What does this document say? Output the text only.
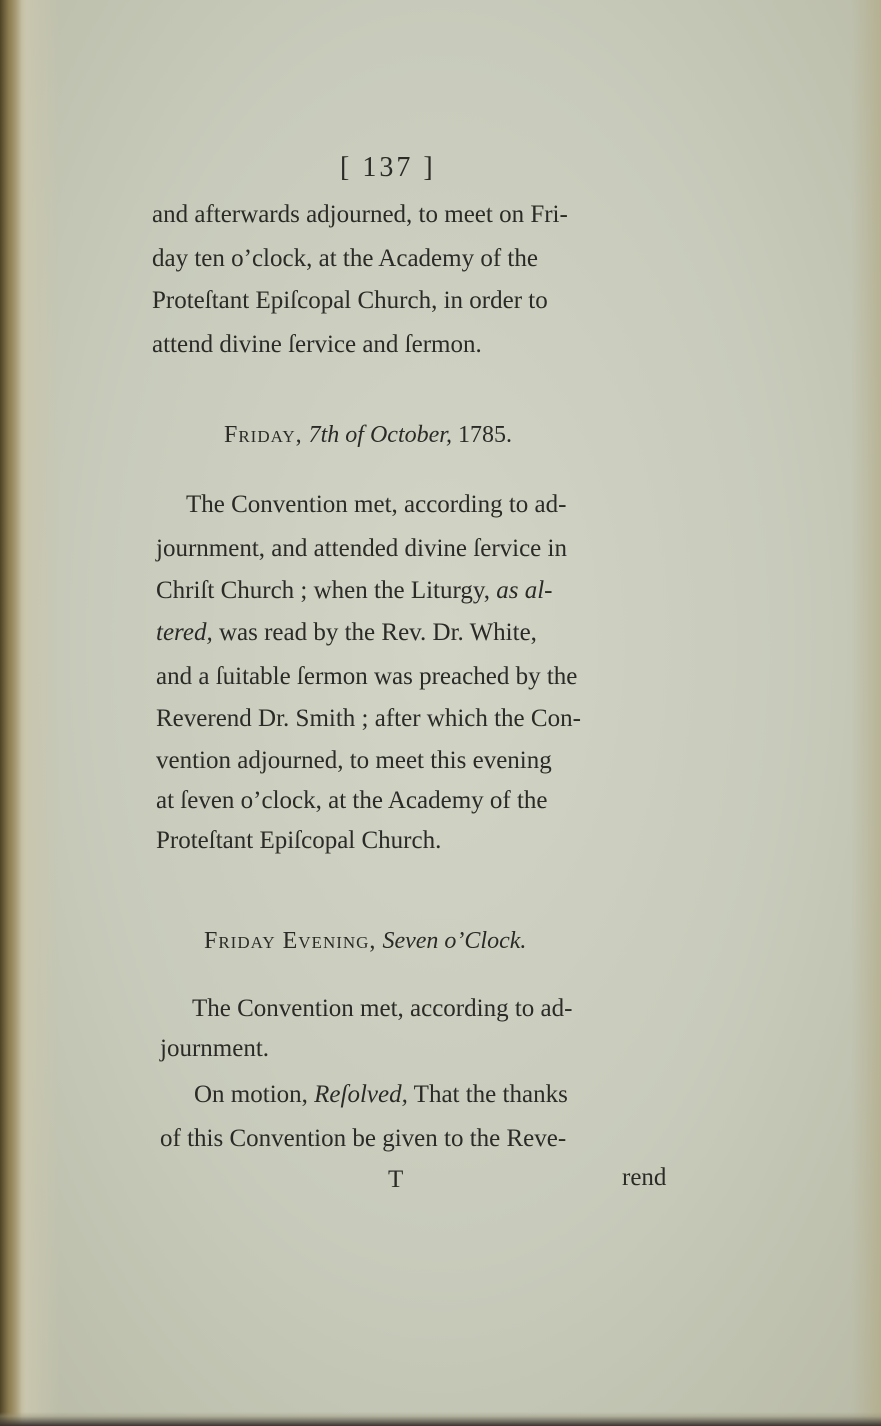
[ 137 ]
and afterwards adjourned, to meet on Fri-
day ten o’clock, at the Academy of the
Proteſtant Epiſcopal Church, in order to
attend divine ſervice and ſermon.
Friday, 7th of October, 1785.
The Convention met, according to ad-
journment, and attended divine ſervice in
Chriſt Church ; when the Liturgy, as al-
tered, was read by the Rev. Dr. White,
and a ſuitable ſermon was preached by the
Reverend Dr. Smith ; after which the Con-
vention adjourned, to meet this evening
at ſeven o’clock, at the Academy of the
Proteſtant Epiſcopal Church.
Friday Evening, Seven o’Clock.
The Convention met, according to ad-
journment.
On motion, Reſolved, That the thanks
of this Convention be given to the Reve-
T	rend
